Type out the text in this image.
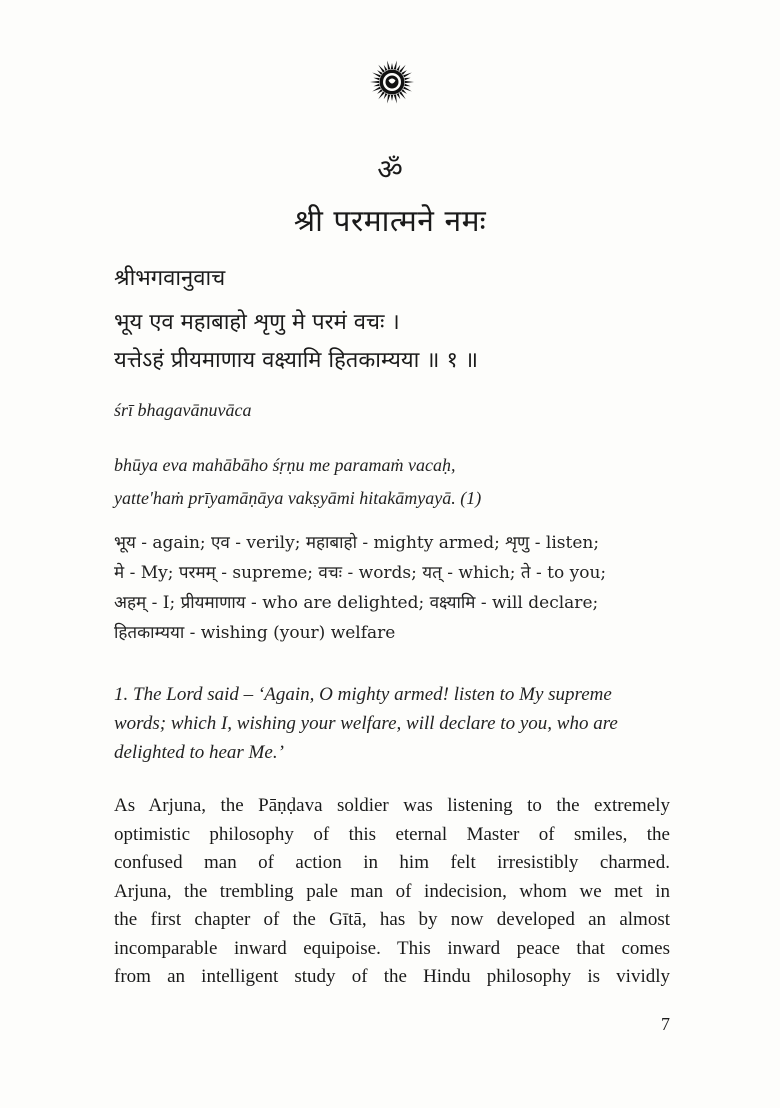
ॐ
श्री परमात्मने नमः
श्रीभगवानुवाच
भूय एव महाबाहो शृणु मे परमं वचः ।
यत्तेऽहं प्रीयमाणाय वक्ष्यामि हितकाम्यया ॥ १ ॥
śrī bhagavānuvāca
bhūya eva mahābāho śṛṇu me paramaṁ vacaḥ,
yatte'haṁ prīyamāṇāya vakṣyāmi hitakāmyayā. (1)
भूय - again; एव - verily; महाबाहो - mighty armed; शृणु - listen;
मे - My; परमम् - supreme; वचः - words; यत् - which; ते - to you;
अहम् - I; प्रीयमाणाय - who are delighted; वक्ष्यामि - will declare;
हितकाम्यया - wishing (your) welfare
1. The Lord said – ‘Again, O mighty armed! listen to My supreme
words; which I, wishing your welfare, will declare to you, who are
delighted to hear Me.’
As Arjuna, the Pāṇḍava soldier was listening to the extremely
optimistic philosophy of this eternal Master of smiles, the
confused man of action in him felt irresistibly charmed.
Arjuna, the trembling pale man of indecision, whom we met in
the first chapter of the Gītā, has by now developed an almost
incomparable inward equipoise. This inward peace that comes
from an intelligent study of the Hindu philosophy is vividly
7
